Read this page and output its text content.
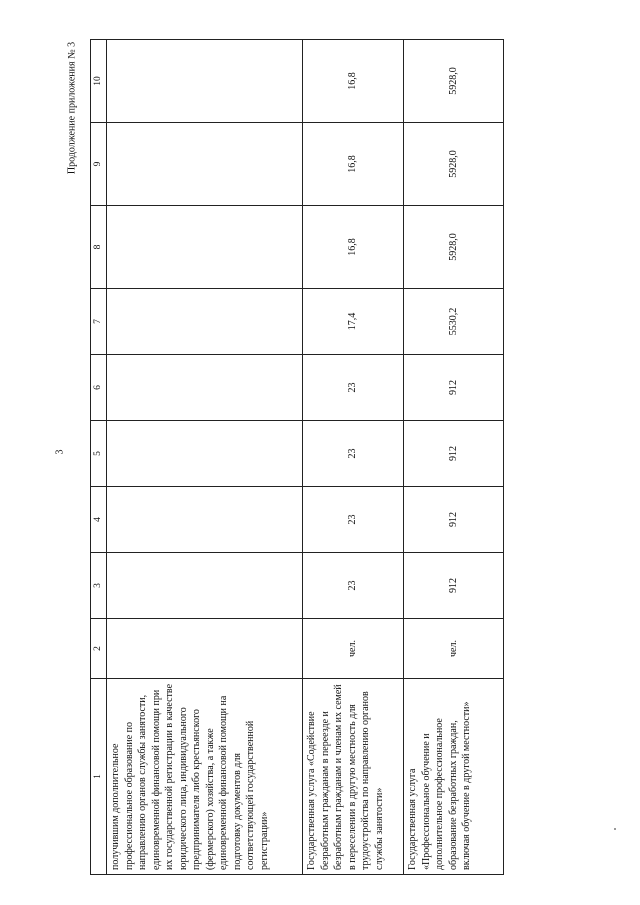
3
Продолжение приложения № 3
1	2	3	4	5	6	7	8	9	10
получившим дополнительное профессиональное образование по направлению органов службы занятости, единовременной финансовой помощи при их государственной регистрации в качестве юридического лица, индивидуального предпринимателя либо крестьянского (фермерского) хозяйства, а также единовременной финансовой помощи на подготовку документов для соответствующей государственной регистрации»									
Государственная услуга «Содействие безработным гражданам в переезде и безработным гражданам и членам их семей в переселении в другую местность для трудоустройства по направлению органов службы занятости»	чел.	23	23	23	23	17,4	16,8	16,8	16,8
Государственная услуга «Профессиональное обучение и дополнительное профессиональное образование безработных граждан, включая обучение в другой местности»	чел.	912	912	912	912	5530,2	5928,0	5928,0	5928,0
